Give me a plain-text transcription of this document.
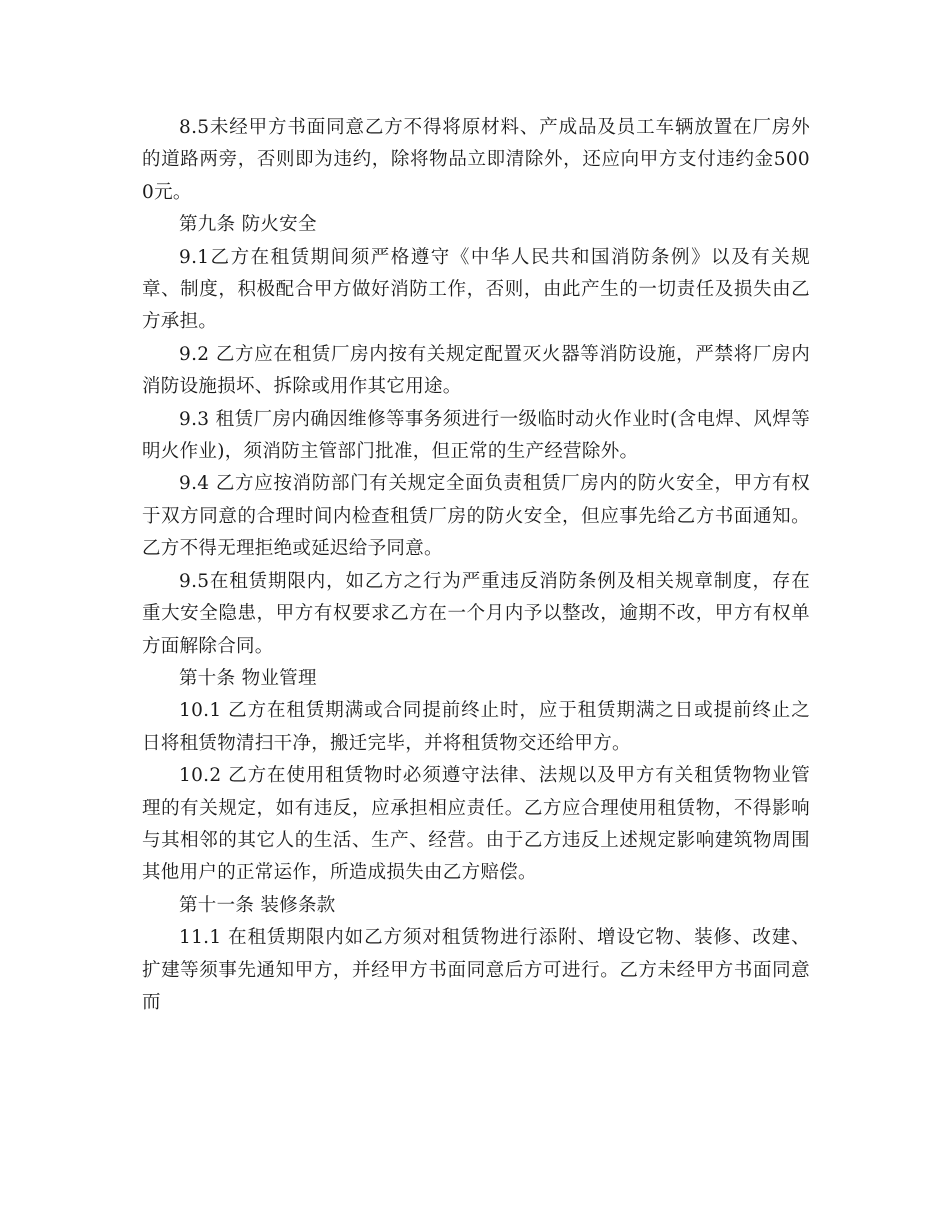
8.5未经甲方书面同意乙方不得将原材料、产成品及员工车辆放置在厂房外的道路两旁，否则即为违约，除将物品立即清除外，还应向甲方支付违约金5000元。

第九条 防火安全

9.1乙方在租赁期间须严格遵守《中华人民共和国消防条例》以及有关规章、制度，积极配合甲方做好消防工作，否则，由此产生的一切责任及损失由乙方承担。

9.2 乙方应在租赁厂房内按有关规定配置灭火器等消防设施，严禁将厂房内消防设施损坏、拆除或用作其它用途。

9.3 租赁厂房内确因维修等事务须进行一级临时动火作业时(含电焊、风焊等明火作业)，须消防主管部门批准，但正常的生产经营除外。

9.4 乙方应按消防部门有关规定全面负责租赁厂房内的防火安全，甲方有权于双方同意的合理时间内检查租赁厂房的防火安全，但应事先给乙方书面通知。乙方不得无理拒绝或延迟给予同意。

9.5在租赁期限内，如乙方之行为严重违反消防条例及相关规章制度，存在重大安全隐患，甲方有权要求乙方在一个月内予以整改，逾期不改，甲方有权单方面解除合同。

第十条 物业管理

10.1 乙方在租赁期满或合同提前终止时，应于租赁期满之日或提前终止之日将租赁物清扫干净，搬迁完毕，并将租赁物交还给甲方。

10.2 乙方在使用租赁物时必须遵守法律、法规以及甲方有关租赁物物业管理的有关规定，如有违反，应承担相应责任。乙方应合理使用租赁物，不得影响与其相邻的其它人的生活、生产、经营。由于乙方违反上述规定影响建筑物周围其他用户的正常运作，所造成损失由乙方赔偿。

第十一条 装修条款

11.1 在租赁期限内如乙方须对租赁物进行添附、增设它物、装修、改建、扩建等须事先通知甲方，并经甲方书面同意后方可进行。乙方未经甲方书面同意而
